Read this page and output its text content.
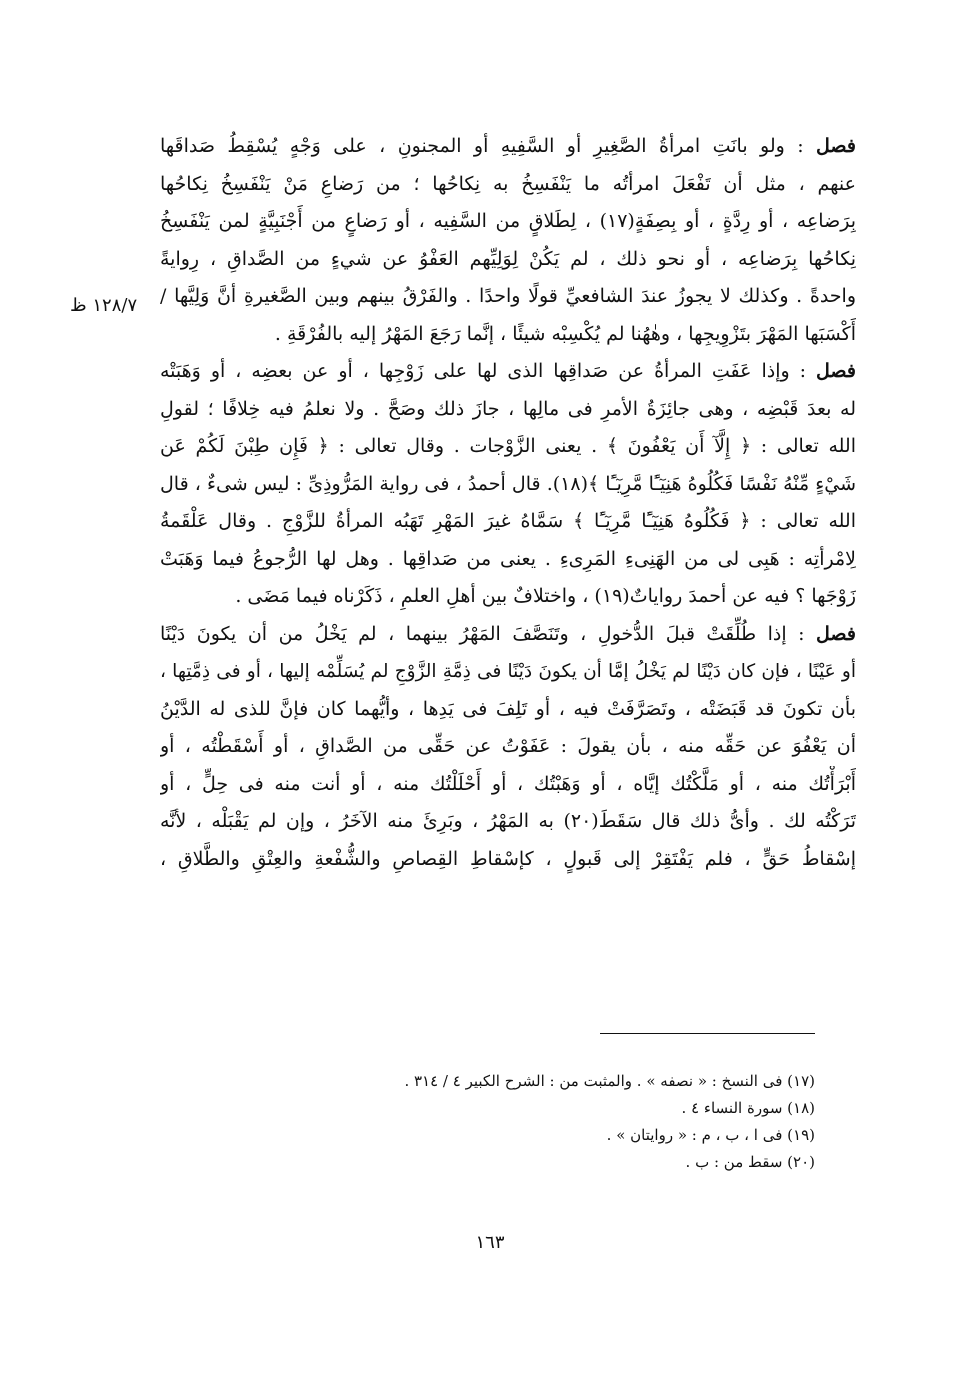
١٢٨/٧ ظ
فصل : ولو بانَتِ امرأةُ الصَّغِيرِ أو السَّفِيهِ أو المجنونِ ، على وَجْهٍ يُسْقِطُ صَداقَها
عنهم ، مثل أن تَفْعَلَ امرأتُه ما يَنْفَسِخُ به نِكاحُها ؛ من رَضاعِ مَنْ يَنْفَسِخُ نِكاحُها
بِرَضاعِه ، أو رِدَّةٍ ، أو بِصِفَةٍ(١٧) ، لِطَلاقٍ من السَّفِيه ، أو رَضاعٍ من أَجْنَبِيَّةٍ لمن يَنْفَسِخُ
نِكاحُها بِرَضاعِه ، أو نحو ذلك ، لم يَكُنْ لِوَلِيِّهم العَفْوُ عن شيءٍ من الصَّداقِ ، رِوايةً
واحدةً . وكذلك لا يجوزُ عندَ الشافعيِّ قولًا واحدًا . والفَرْقُ بينهم وبين الصَّغيرةِ أنَّ وَلِيَّها /
أَكْسَبَها المَهْرَ بتَزْوِيجِها ، وهٰهُنا لم يُكْسِبْه شيئًا ، إنَّما رَجَعَ المَهْرُ إليه بالفُرْقَةِ .
فصل : وإذا عَفَتِ المرأةُ عن صَداقِها الذى لها على زَوْجِها ، أو عن بعضِه ، أو وَهَبَتْه
له بعدَ قَبْضِه ، وهى جائِزَةُ الأمرِ فى مالِها ، جازَ ذلك وصَحَّ . ولا نعلمُ فيه خِلافًا ؛ لقولِ
الله تعالى : ﴿ إِلَّآ أَن يَعْفُونَ ﴾ . يعنى الزَّوْجات . وقال تعالى : ﴿ فَإِن طِبْنَ لَكُمْ عَن
شَيْءٍ مِّنْهُ نَفْسًا فَكُلُوهُ هَنِيٓـًٔا مَّرِيٓـًٔا ﴾(١٨). قال أحمدُ ، فى رواية المَرُّوذِىِّ : ليس شىءٌ ، قال
الله تعالى : ﴿ فَكُلُوهُ هَنِيٓـًٔا مَّرِيٓـًٔا ﴾ سَمَّاهُ غيرَ المَهْرِ تَهَبُه المرأةُ للزَّوْجِ . وقال عَلْقَمةُ
لِامْرأتِه : هَبِى لى من الهَنِىءِ المَرِىءِ . يعنى من صَداقِها . وهل لها الرُّجوعُ فيما وَهَبَتْ
زَوْجَها ؟ فيه عن أحمدَ رواياتٌ(١٩) ، واختلافٌ بين أهلِ العلمِ ، ذَكَرْناه فيما مَضَى .
فصل : إذا طُلِّقَتْ قبلَ الدُّخولِ ، وتَنَصَّفَ المَهْرُ بينهما ، لم يَخْلُ من أن يكونَ دَيْنًا
أو عَيْنًا ، فإن كان دَيْنًا لم يَخْلُ إمَّا أن يكونَ دَيْنًا فى ذِمَّةِ الزَّوْجِ لم يُسَلِّمْه إليها ، أو فى ذِمَّتِها ،
بأن تكونَ قد قَبَضَتْه ، وتَصَرَّفَتْ فيه ، أو تَلِفَ فى يَدِها ، وأيُّهما كان فإنَّ للذى له الدَّيْنُ
أن يَعْفُوَ عن حَقِّه منه ، بأن يقولَ : عَفَوْتُ عن حَقِّى من الصَّداقِ ، أو أَسْقَطْتُه ، أو
أَبْرَأْتُك منه ، أو مَلَّكْتُك إيَّاه ، أو وَهَبْتُك ، أو أَحْلَلْتُك منه ، أو أنت منه فى حِلٍّ ، أو
تَرَكْتُه لك . وأىُّ ذلك قال سَقَطَ(٢٠) به المَهْرُ ، وبَرِئَ منه الآخَرُ ، وإن لم يَقْبَلْه ، لأنَّه
إسْقاطُ حَقٍّ ، فلم يَفْتَقِرْ إلى قَبولٍ ، كإسْقاطِ القِصاصِ والشُّفْعةِ والعِتْقِ والطَّلاقِ ،
(١٧) فى النسخ : « نصفه » . والمثبت من : الشرح الكبير ٤ / ٣١٤ .
(١٨) سورة النساء ٤ .
(١٩) فى ا ، ب ، م : « روايتان » .
(٢٠) سقط من : ب .
١٦٣
